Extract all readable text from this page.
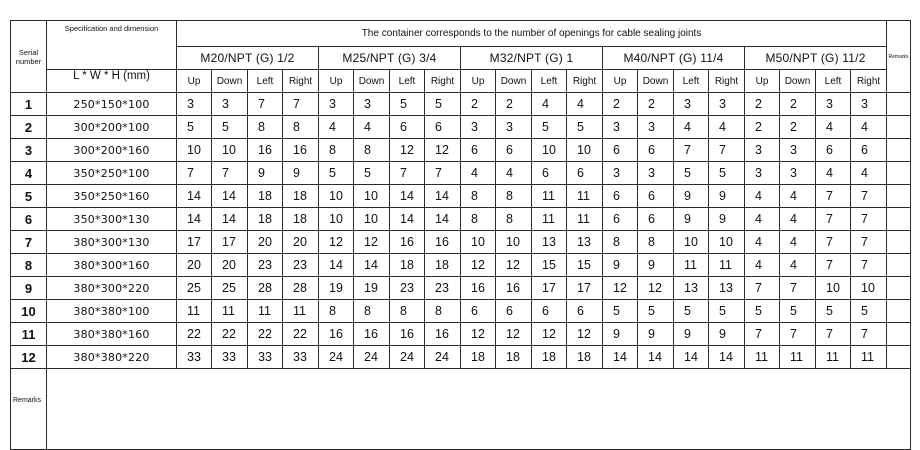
Serial number	Specification and dimension	The container corresponds to the number of openings for cable sealing joints																				Remarks
		M20/NPT (G) 1/2				M25/NPT (G) 3/4				M32/NPT (G) 1				M40/NPT (G) 11/4				M50/NPT (G) 11/2				
	L * W * H (mm)	Up	Down	Left	Right	Up	Down	Left	Right	Up	Down	Left	Right	Up	Down	Left	Right	Up	Down	Left	Right	
1	250*150*100	3	3	7	7	3	3	5	5	2	2	4	4	2	2	3	3	2	2	3	3	
2	300*200*100	5	5	8	8	4	4	6	6	3	3	5	5	3	3	4	4	2	2	4	4	
3	300*200*160	10	10	16	16	8	8	12	12	6	6	10	10	6	6	7	7	3	3	6	6	
4	350*250*100	7	7	9	9	5	5	7	7	4	4	6	6	3	3	5	5	3	3	4	4	
5	350*250*160	14	14	18	18	10	10	14	14	8	8	11	11	6	6	9	9	4	4	7	7	
6	350*300*130	14	14	18	18	10	10	14	14	8	8	11	11	6	6	9	9	4	4	7	7	
7	380*300*130	17	17	20	20	12	12	16	16	10	10	13	13	8	8	10	10	4	4	7	7	
8	380*300*160	20	20	23	23	14	14	18	18	12	12	15	15	9	9	11	11	4	4	7	7	
9	380*300*220	25	25	28	28	19	19	23	23	16	16	17	17	12	12	13	13	7	7	10	10	
10	380*380*100	11	11	11	11	8	8	8	8	6	6	6	6	5	5	5	5	5	5	5	5	
11	380*380*160	22	22	22	22	16	16	16	16	12	12	12	12	9	9	9	9	7	7	7	7	
12	380*380*220	33	33	33	33	24	24	24	24	18	18	18	18	14	14	14	14	11	11	11	11	
Remarks																						
